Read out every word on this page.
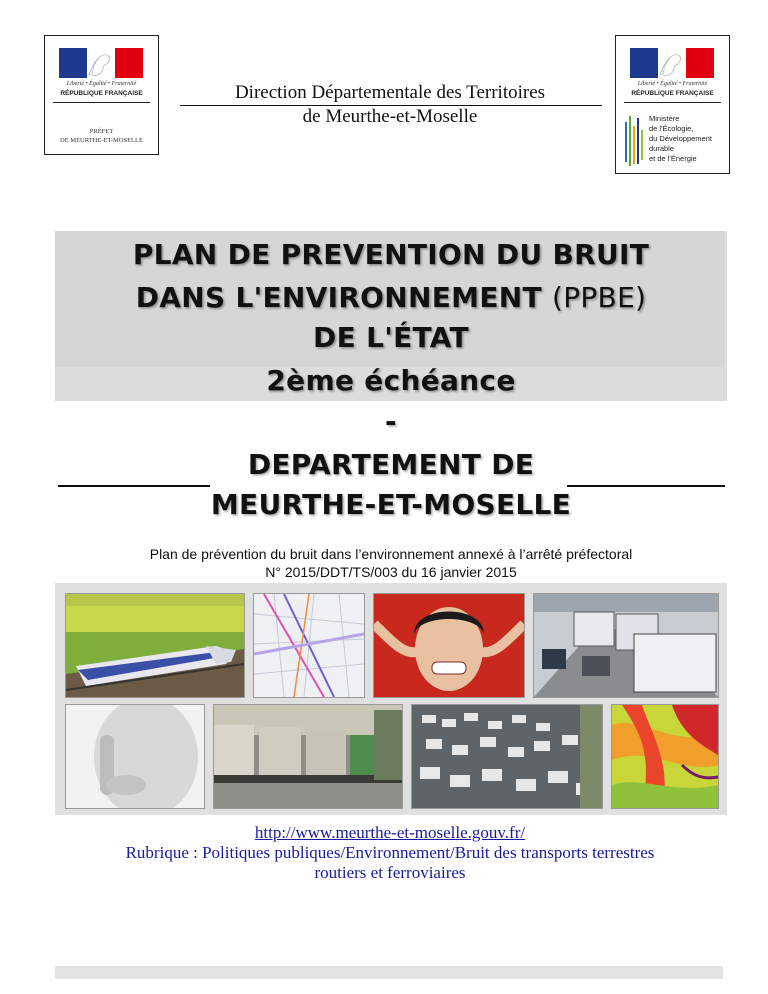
Liberté • Égalité • Fraternité
RÉPUBLIQUE FRANÇAISE
PRÉFET
DE MEURTHE-ET-MOSELLE
Liberté • Égalité • Fraternité
RÉPUBLIQUE FRANÇAISE
Ministère
de l'Écologie,
du Développement
durable
et de l'Énergie
Direction Départementale des Territoires
de Meurthe-et-Moselle
PLAN DE PREVENTION DU BRUIT
DANS L'ENVIRONNEMENT (PPBE)
DE L'ÉTAT
2ème échéance
-
DEPARTEMENT DE
MEURTHE-ET-MOSELLE
Plan de prévention du bruit dans l’environnement annexé à l’arrêté préfectoral
N° 2015/DDT/TS/003 du 16 janvier 2015
http://www.meurthe-et-moselle.gouv.fr/
Rubrique : Politiques publiques/Environnement/Bruit des transports terrestres
routiers et ferroviaires
